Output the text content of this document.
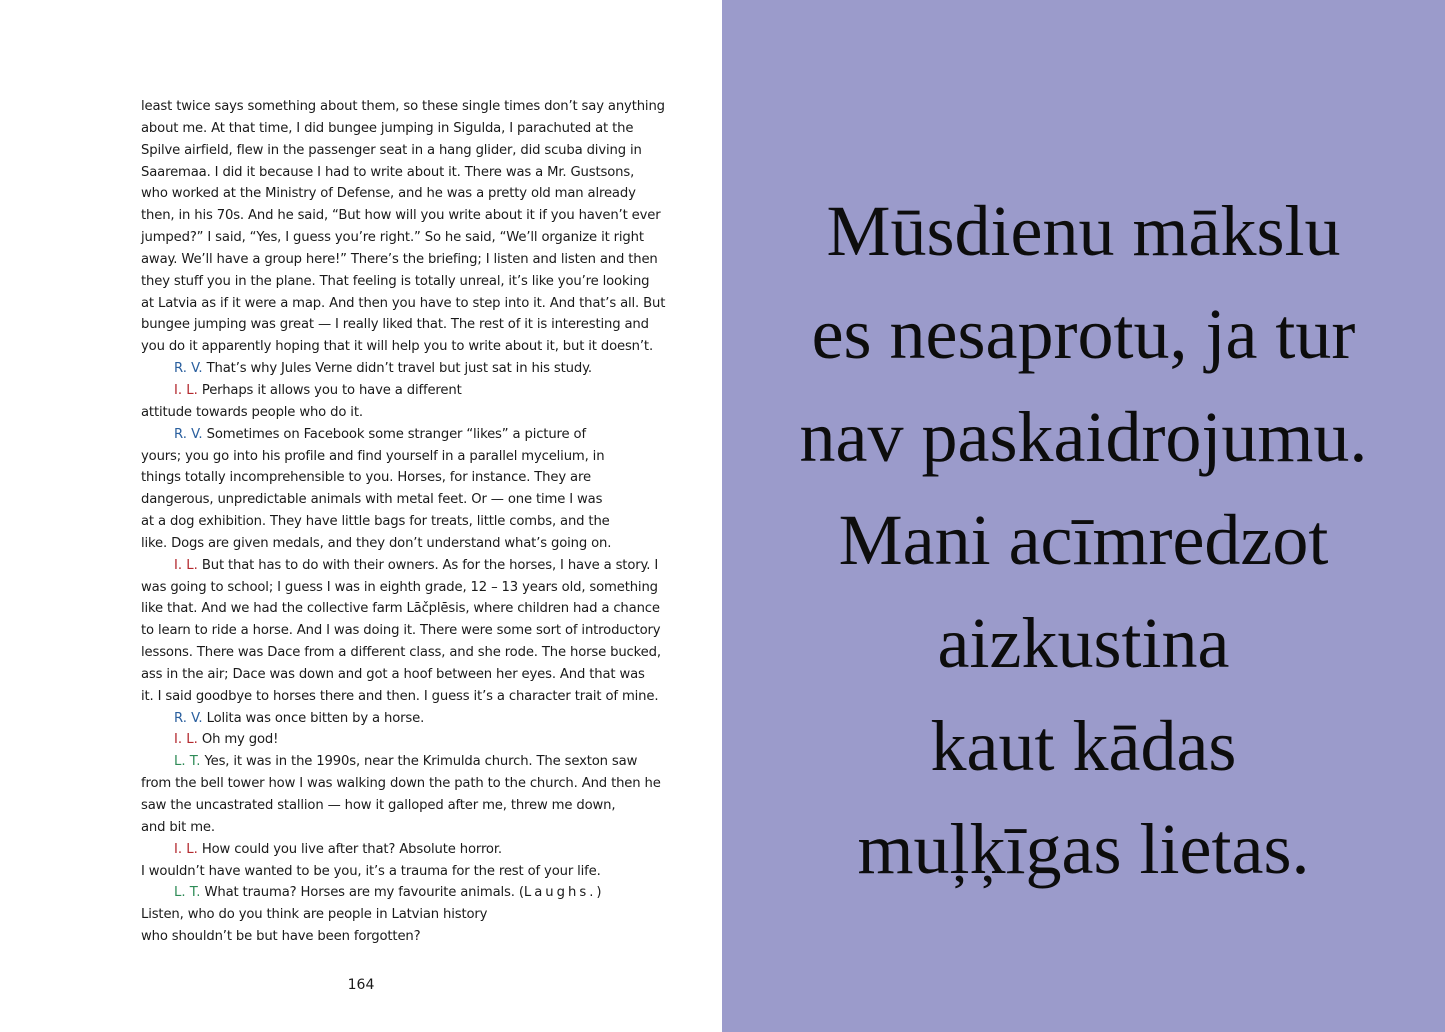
least twice says something about them, so these single times don’t say anything
about me. At that time, I did bungee jumping in Sigulda, I parachuted at the
Spilve airfield, flew in the passenger seat in a hang glider, did scuba diving in
Saaremaa. I did it because I had to write about it. There was a Mr. Gustsons,
who worked at the Ministry of Defense, and he was a pretty old man already
then, in his 70s. And he said, “But how will you write about it if you haven’t ever
jumped?” I said, “Yes, I guess you’re right.” So he said, “We’ll organize it right
away. We’ll have a group here!” There’s the briefing; I listen and listen and then
they stuff you in the plane. That feeling is totally unreal, it’s like you’re looking
at Latvia as if it were a map. And then you have to step into it. And that’s all. But
bungee jumping was great — I really liked that. The rest of it is interesting and
you do it apparently hoping that it will help you to write about it, but it doesn’t.
R. V. That’s why Jules Verne didn’t travel but just sat in his study.
I. L. Perhaps it allows you to have a different
attitude towards people who do it.
R. V. Sometimes on Facebook some stranger “likes” a picture of
yours; you go into his profile and find yourself in a parallel mycelium, in
things totally incomprehensible to you. Horses, for instance. They are
dangerous, unpredictable animals with metal feet. Or — one time I was
at a dog exhibition. They have little bags for treats, little combs, and the
like. Dogs are given medals, and they don’t understand what’s going on.
I. L. But that has to do with their owners. As for the horses, I have a story. I
was going to school; I guess I was in eighth grade, 12 – 13 years old, something
like that. And we had the collective farm Lāčplēsis, where children had a chance
to learn to ride a horse. And I was doing it. There were some sort of introductory
lessons. There was Dace from a different class, and she rode. The horse bucked,
ass in the air; Dace was down and got a hoof between her eyes. And that was
it. I said goodbye to horses there and then. I guess it’s a character trait of mine.
R. V. Lolita was once bitten by a horse.
I. L. Oh my god!
L. T. Yes, it was in the 1990s, near the Krimulda church. The sexton saw
from the bell tower how I was walking down the path to the church. And then he
saw the uncastrated stallion — how it galloped after me, threw me down,
and bit me.
I. L. How could you live after that? Absolute horror.
I wouldn’t have wanted to be you, it’s a trauma for the rest of your life.
L. T. What trauma? Horses are my favourite animals. (Laughs.)
Listen, who do you think are people in Latvian history
who shouldn’t be but have been forgotten?
164
Mūsdienu mākslu
es nesaprotu, ja tur
nav paskaidrojumu.
Mani acīmredzot
aizkustina
kaut kādas
muļķīgas lietas.
